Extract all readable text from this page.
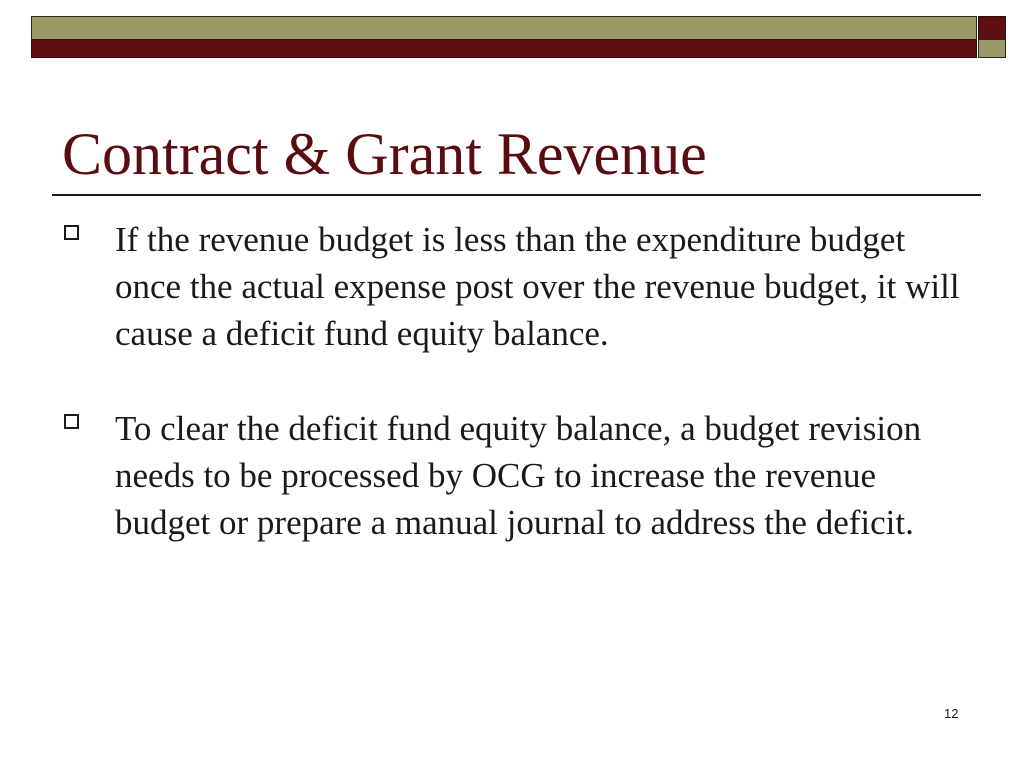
Contract & Grant Revenue
If the revenue budget is less than the expenditure budget once the actual expense post over the revenue budget, it will cause a deficit fund equity balance.
To clear the deficit fund equity balance, a budget revision needs to be processed by OCG to increase the revenue budget or prepare a manual journal to address the deficit.
12
